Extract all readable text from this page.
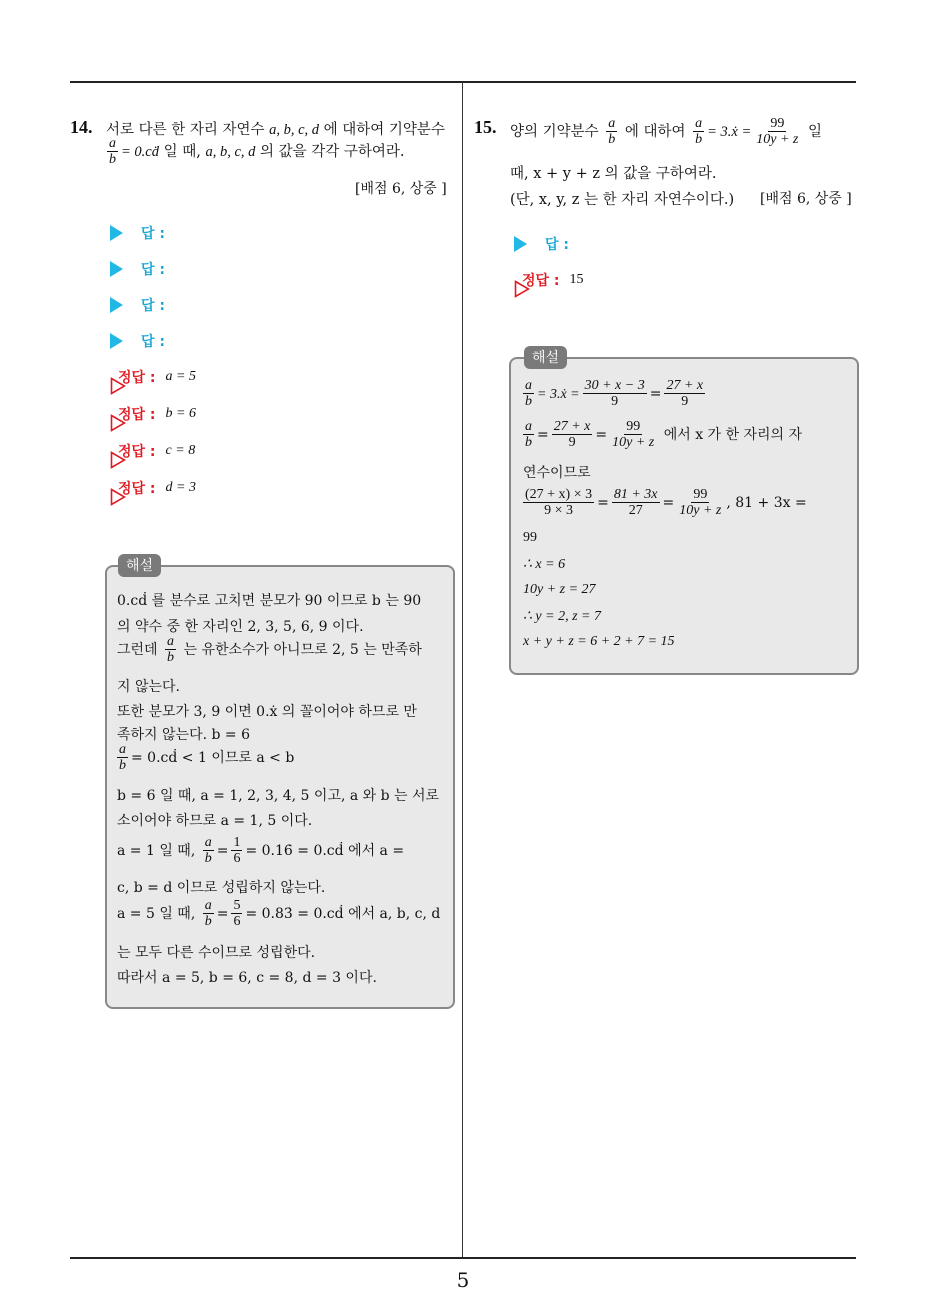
5
14. 서로 다른 한 자리 자연수 a, b, c, d 에 대하여 기약분수
$\frac{a}{b}$ = 0.cḋ 일 때, a, b, c, d 의 값을 각각 구하여라.
[배점 6, 상중 ]
답 :
답 :
답 :
답 :
정답 : a = 5
정답 : b = 6
정답 : c = 8
정답 : d = 3
해설
0.cḋ 를 분수로 고치면 분모가 90 이므로 b 는 90
의 약수 중 한 자리인 2, 3, 5, 6, 9 이다.
그런데 $\frac{a}{b}$ 는 유한소수가 아니므로 2, 5 는 만족하
지 않는다.
또한 분모가 3, 9 이면 0.ẋ 의 꼴이어야 하므로 만
족하지 않는다. b = 6
$\frac{a}{b}$ = 0.cḋ < 1 이므로 a < b
b = 6 일 때, a = 1, 2, 3, 4, 5 이고, a 와 b 는 서로
소이어야 하므로 a = 1, 5 이다.
a = 1 일 때, $\frac{a}{b} = \frac{1}{6}$ = 0.16̇ = 0.cḋ 에서 a =
c, b = d 이므로 성립하지 않는다.
a = 5 일 때, $\frac{a}{b} = \frac{5}{6}$ = 0.83̇ = 0.cḋ 에서 a, b, c, d
는 모두 다른 수이므로 성립한다.
따라서 a = 5, b = 6, c = 8, d = 3 이다.
15. 양의 기약분수 $\frac{a}{b}$ 에 대하여 $\frac{a}{b}$ = 3.ẋ = $\frac{99}{10y + z}$ 일
때, x + y + z 의 값을 구하여라.
(단, x, y, z 는 한 자리 자연수이다.) [배점 6, 상중 ]
답 :
정답 : 15
해설
$\frac{a}{b}$ = 3.ẋ = $\frac{30 + x - 3}{9} = \frac{27 + x}{9}$
$\frac{a}{b} = \frac{27 + x}{9} = \frac{99}{10y + z}$ 에서 x 가 한 자리의 자
연수이므로
$\frac{(27 + x) \times 3}{9 \times 3} = \frac{81 + 3x}{27} = \frac{99}{10y + z}$ , 81 + 3x =
99
∴ x = 6
10y + z = 27
∴ y = 2, z = 7
x + y + z = 6 + 2 + 7 = 15
